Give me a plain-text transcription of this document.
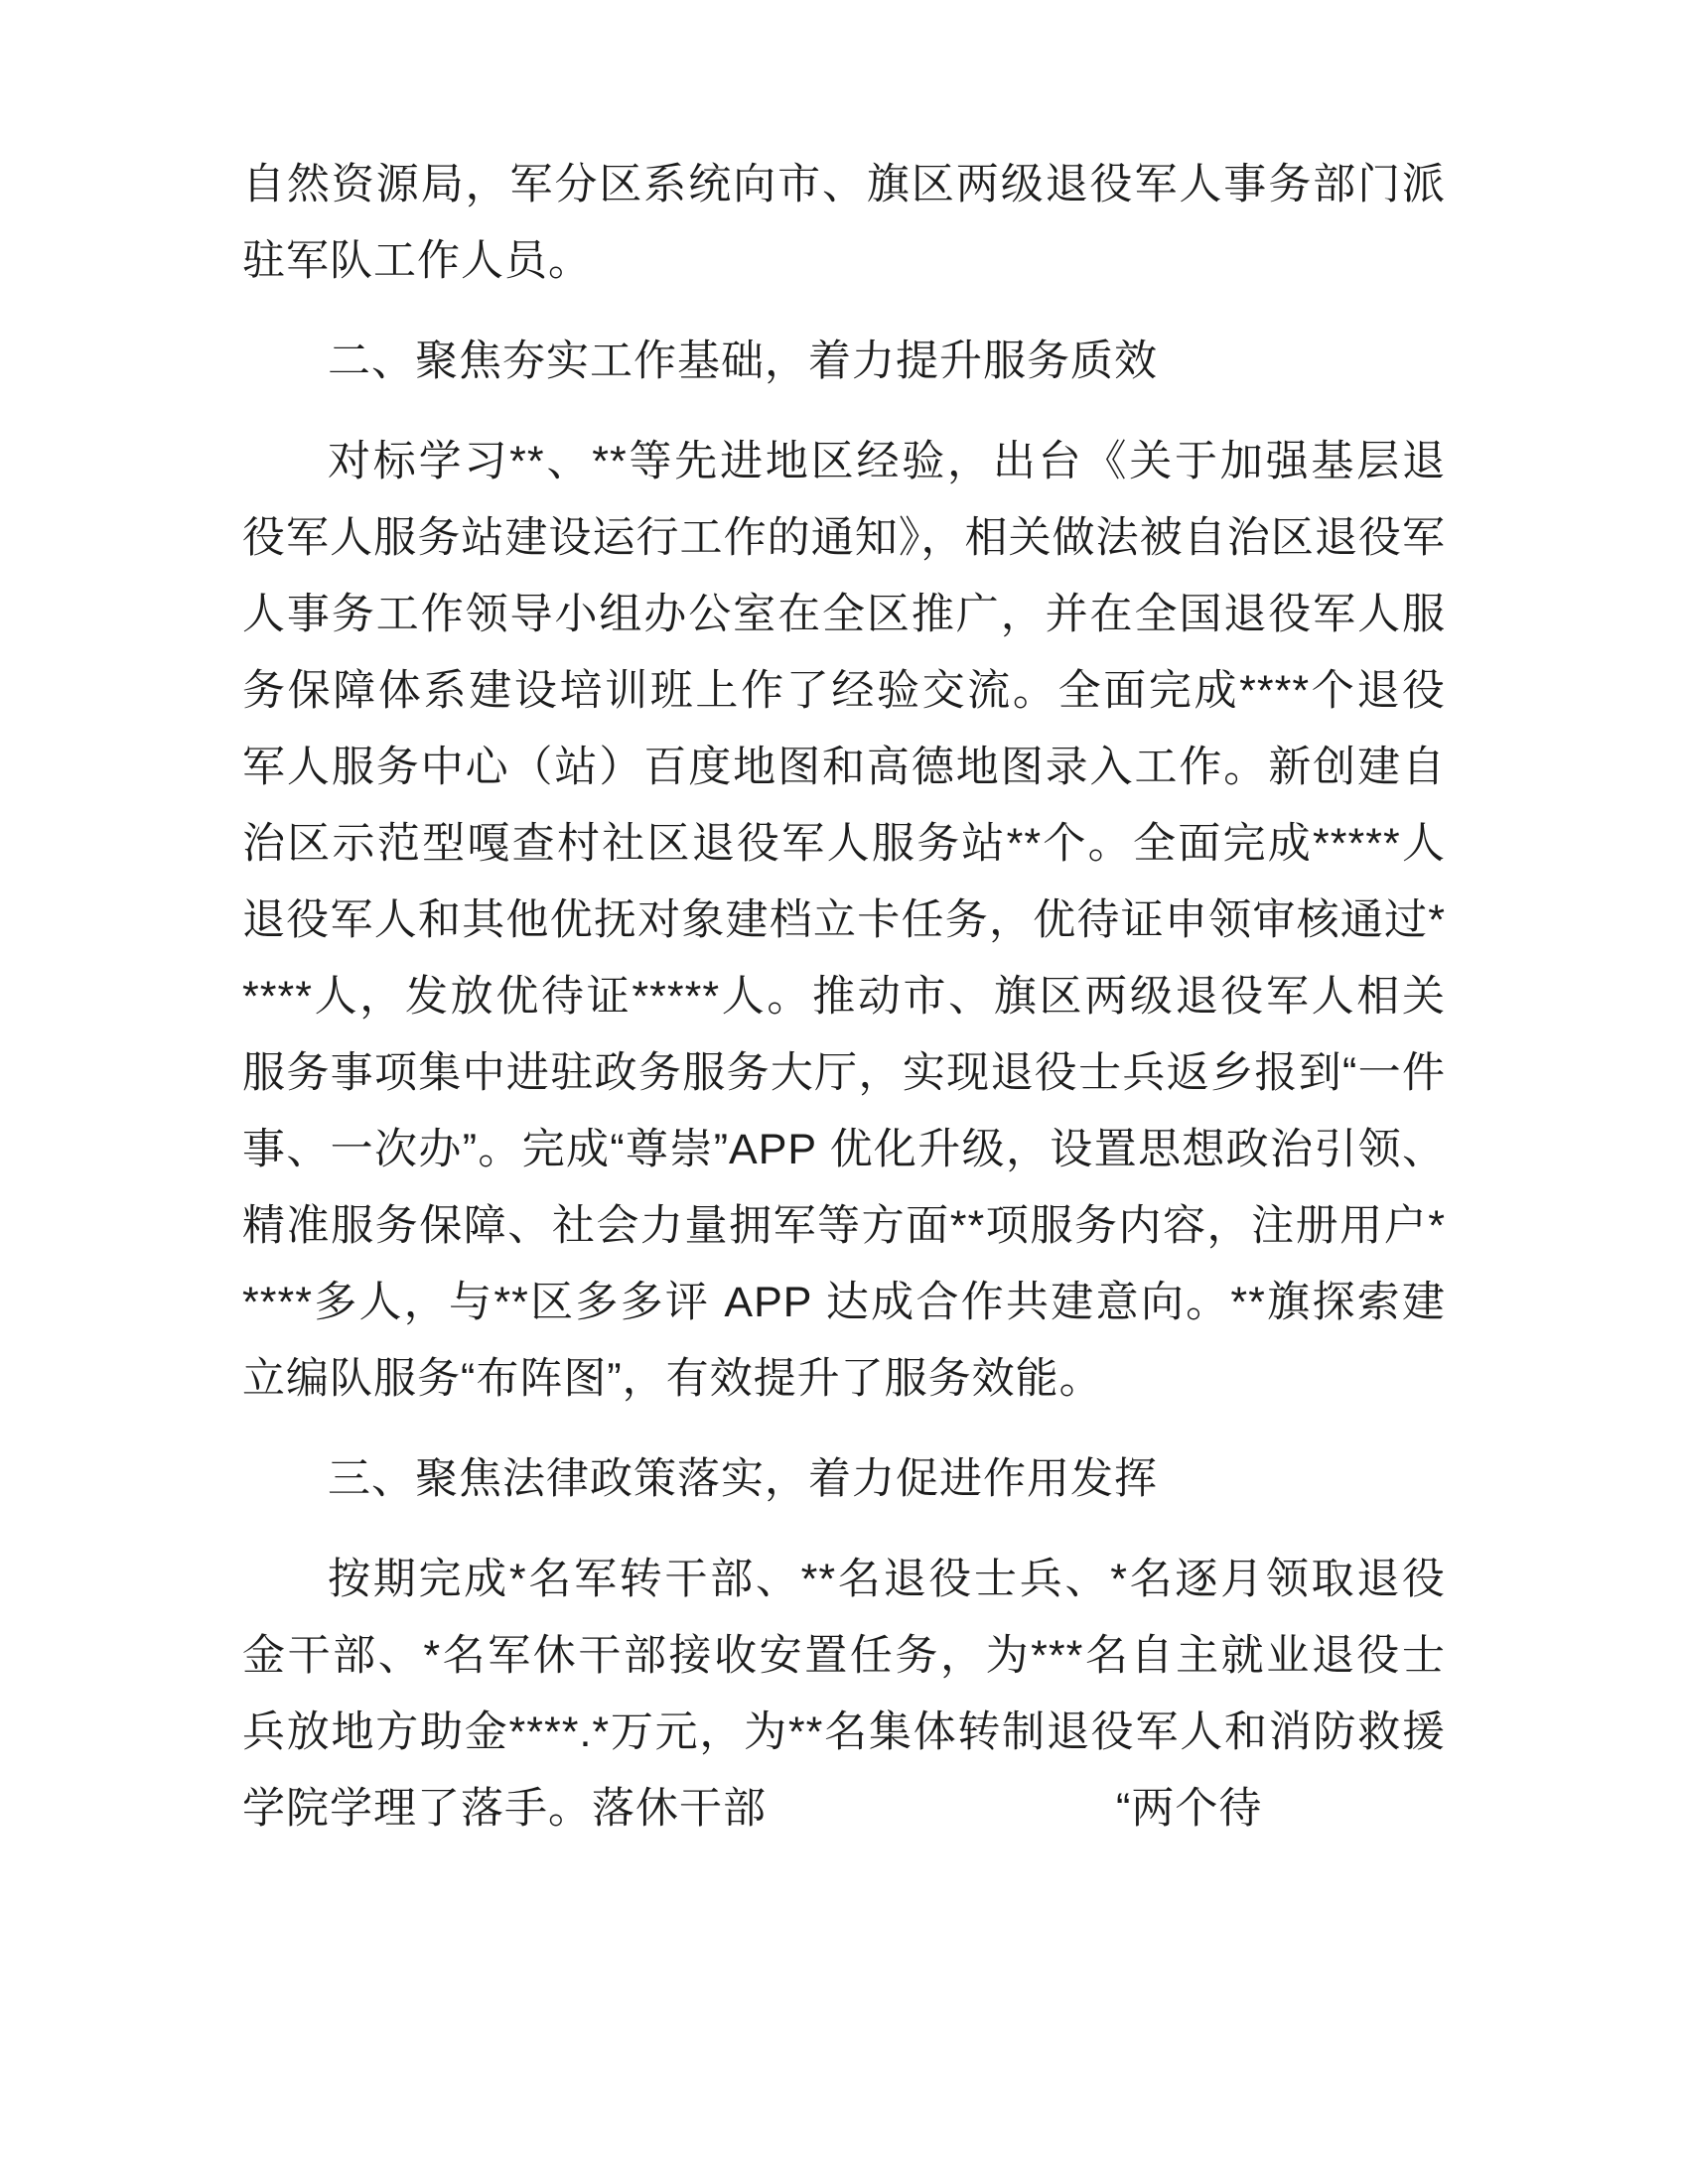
自然资源局，军分区系统向市、旗区两级退役军人事务部门派驻军队工作人员。

二、聚焦夯实工作基础，着力提升服务质效

对标学习**、**等先进地区经验，出台《关于加强基层退役军人服务站建设运行工作的通知》，相关做法被自治区退役军人事务工作领导小组办公室在全区推广，并在全国退役军人服务保障体系建设培训班上作了经验交流。全面完成****个退役军人服务中心（站）百度地图和高德地图录入工作。新创建自治区示范型嘎查村社区退役军人服务站**个。全面完成*****人退役军人和其他优抚对象建档立卡任务，优待证申领审核通过*****人，发放优待证*****人。推动市、旗区两级退役军人相关服务事项集中进驻政务服务大厅，实现退役士兵返乡报到“一件事、一次办”。完成“尊崇”APP 优化升级，设置思想政治引领、精准服务保障、社会力量拥军等方面**项服务内容，注册用户*****多人，与**区多多评 APP 达成合作共建意向。**旗探索建立编队服务“布阵图”，有效提升了服务效能。

三、聚焦法律政策落实，着力促进作用发挥

按期完成*名军转干部、**名退役士兵、*名逐月领取退役金干部、*名军休干部接收安置任务，为***名自主就业退役士兵放地方助金****.*万元，为**名集体转制退役军人和消防救援学院学理了落手。落休干部　　　　　　　　“两个待
